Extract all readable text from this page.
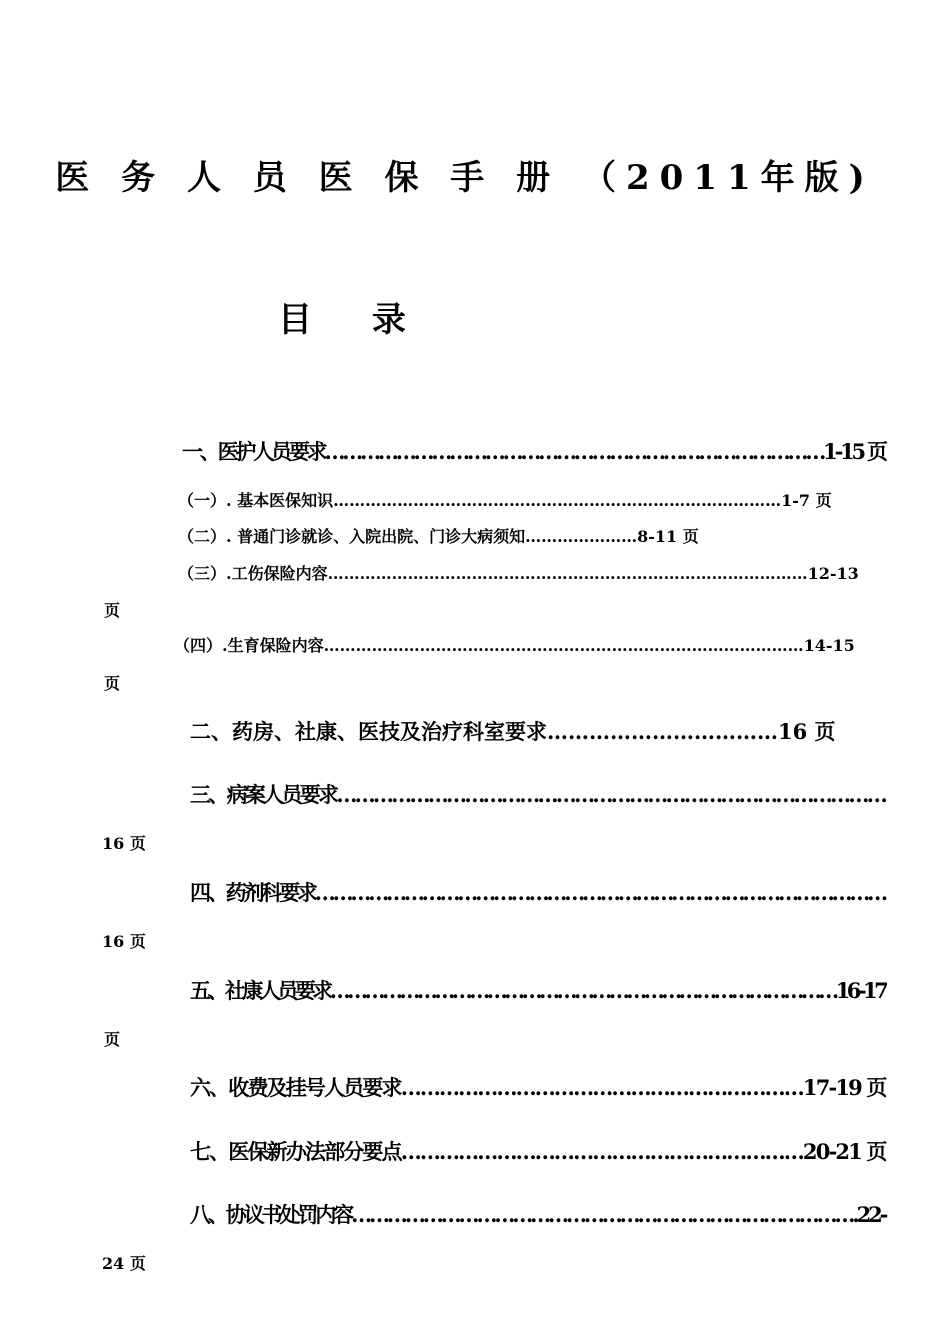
医 务 人 员 医 保 手 册 （2011年版)
目 录
一、医护人员要求…………………………………………………………………………1-15 页
（一）. 基本医保知识…………………………………………………………………………1-7 页
（二）. 普通门诊就诊、入院出院、门诊大病须知…………………8-11 页
（三）.工伤保险内容………………………………………………………………………………12-13
页
（四）.生育保险内容………………………………………………………………………………14-15
页
二、药房、社康、医技及治疗科室要求……………………………16 页
三、病案人员要求………………………………………………………………………………
16 页
四、药剂科要求……………………………………………………………………………………
16 页
五、社康人员要求……………………………………………………………………………16-17
页
六、收费及挂号人员要求………………………………………………………17-19 页
七、医保新办法部分要点………………………………………………………20-21 页
八、协议书处罚内容………………………………………………………………………….22-
24 页
